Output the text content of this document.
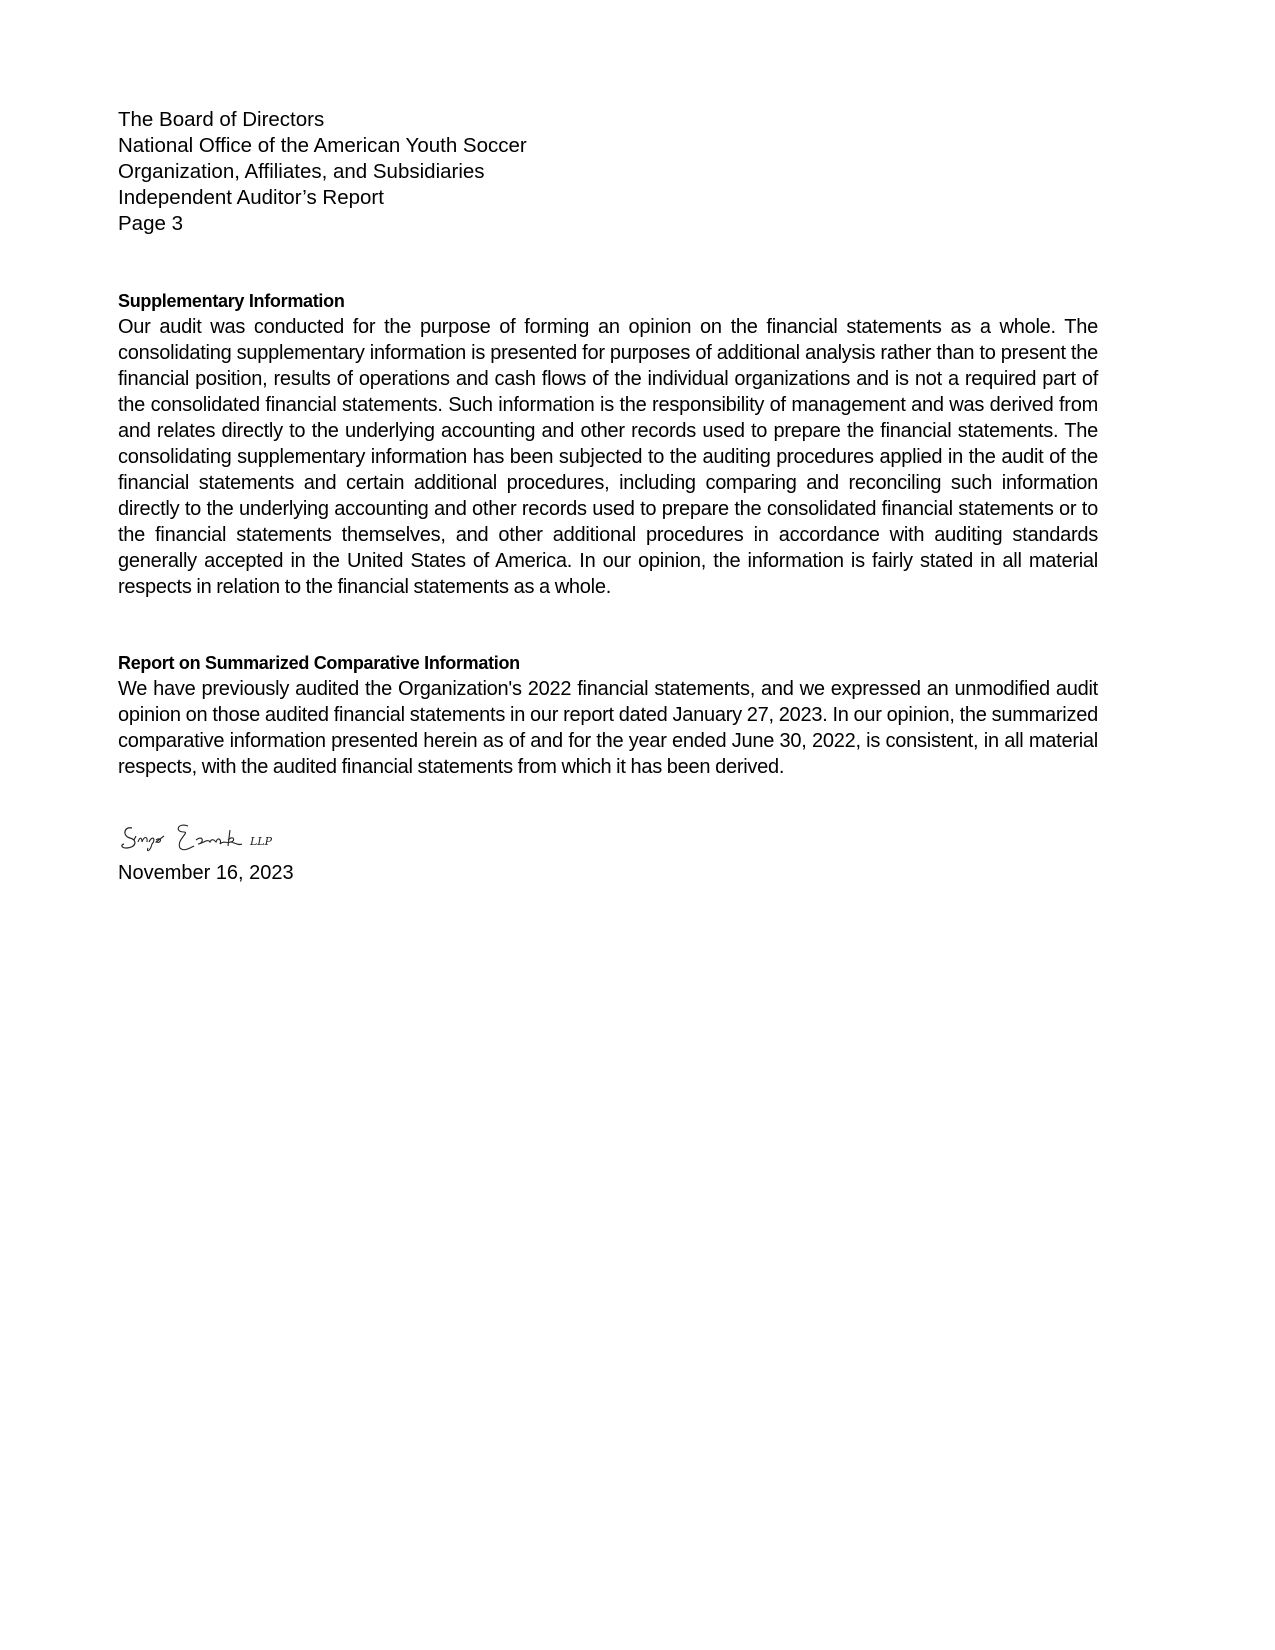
The Board of Directors
National Office of the American Youth Soccer
Organization, Affiliates, and Subsidiaries
Independent Auditor’s Report
Page 3
Supplementary Information
Our audit was conducted for the purpose of forming an opinion on the financial statements as a whole. The consolidating supplementary information is presented for purposes of additional analysis rather than to present the financial position, results of operations and cash flows of the individual organizations and is not a required part of the consolidated financial statements. Such information is the responsibility of management and was derived from and relates directly to the underlying accounting and other records used to prepare the financial statements. The consolidating supplementary information has been subjected to the auditing procedures applied in the audit of the financial statements and certain additional procedures, including comparing and reconciling such information directly to the underlying accounting and other records used to prepare the consolidated financial statements or to the financial statements themselves, and other additional procedures in accordance with auditing standards generally accepted in the United States of America. In our opinion, the information is fairly stated in all material respects in relation to the financial statements as a whole.
Report on Summarized Comparative Information
We have previously audited the Organization's 2022 financial statements, and we expressed an unmodified audit opinion on those audited financial statements in our report dated January 27, 2023. In our opinion, the summarized comparative information presented herein as of and for the year ended June 30, 2022, is consistent, in all material respects, with the audited financial statements from which it has been derived.
LLP
November 16, 2023
